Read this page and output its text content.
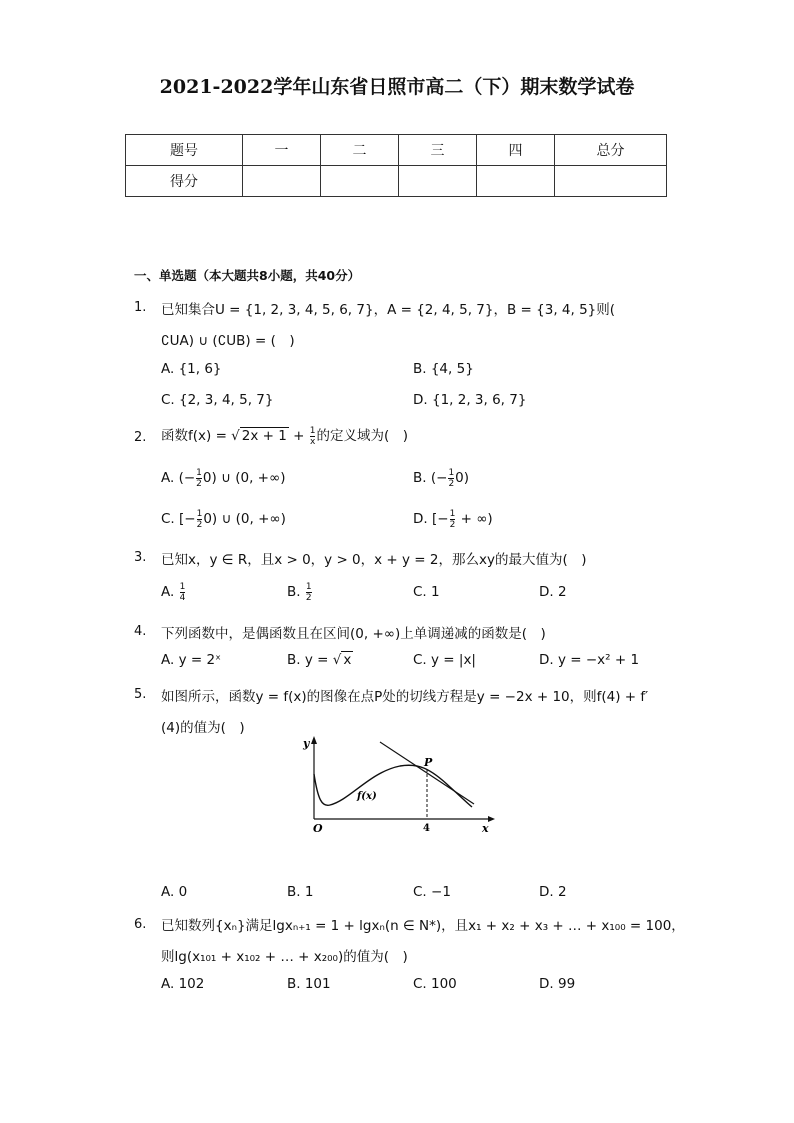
2021-2022学年山东省日照市高二（下）期末数学试卷
题号	一	二	三	四	总分
得分					
一、单选题（本大题共8小题，共40分）
1. 已知集合U = {1, 2, 3, 4, 5, 6, 7}，A = {2, 4, 5, 7}，B = {3, 4, 5}则(
∁UA) ∪ (∁UB) = (　)
A. {1, 6}	B. {4, 5}
C. {2, 3, 4, 5, 7}	D. {1, 2, 3, 6, 7}
2. 函数f(x) = √ $2x + 1 + \frac{1}{x}$ 的定义域为(　)
A. (− $\frac{1}{2} 0$) ∪ (0, +∞)	B. (− $\frac{1}{2} 0$)
C. [− $\frac{1}{2} 0$) ∪ (0, +∞)	D. [− $\frac{1}{2}$ + ∞)
3. 已知x，y ∈ R，且x > 0，y > 0，x + y = 2，那么xy的最大值为(　)
A. $\frac{1}{4}$	B. $\frac{1}{2}$	C. 1	D. 2
4. 下列函数中，是偶函数且在区间(0, +∞)上单调递减的函数是(　)
A. y = 2ˣ	B. y = √ x	C. y = |x|	D. y = −x² + 1
5. 如图所示，函数y = f(x)的图像在点P处的切线方程是y = −2x + 10，则f(4) + f′
(4)的值为(　)
y
x
O
P
f(x)
4
A. 0	B. 1	C. −1	D. 2
6. 已知数列{xₙ}满足lgxₙ₊₁ = 1 + lgxₙ(n ∈ N*)，且x₁ + x₂ + x₃ + … + x₁₀₀ = 100，
则lg(x₁₀₁ + x₁₀₂ + … + x₂₀₀)的值为(　)
A. 102	B. 101	C. 100	D. 99
